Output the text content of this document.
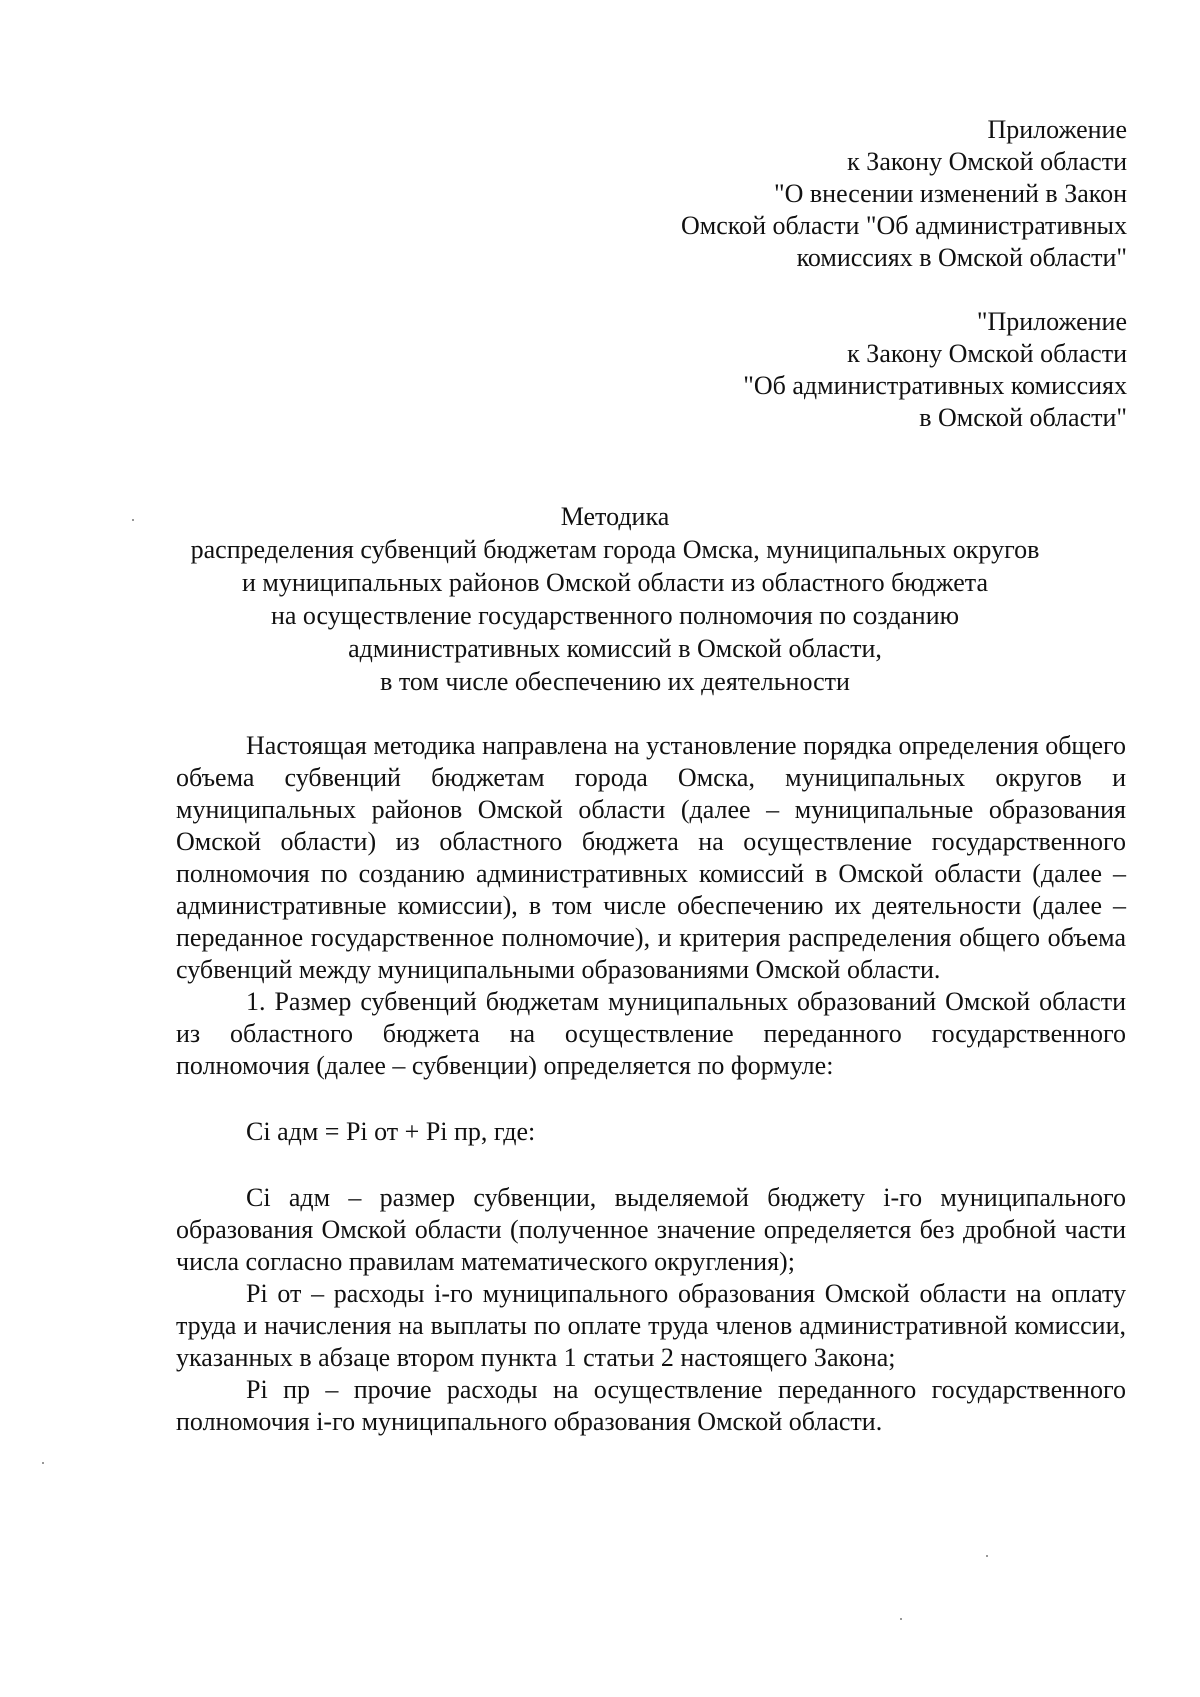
Приложение
к Закону Омской области
"О внесении изменений в Закон
Омской области "Об административных
комиссиях в Омской области"
"Приложение
к Закону Омской области
"Об административных комиссиях
в Омской области"
Методика
распределения субвенций бюджетам города Омска, муниципальных округов
и муниципальных районов Омской области из областного бюджета
на осуществление государственного полномочия по созданию
административных комиссий в Омской области,
в том числе обеспечению их деятельности

Настоящая методика направлена на установление порядка определения общего объема субвенций бюджетам города Омска, муниципальных округов и муниципальных районов Омской области (далее – муниципальные образования Омской области) из областного бюджета на осуществление государственного полномочия по созданию административных комиссий в Омской области (далее – административные комиссии), в том числе обеспечению их деятельности (далее – переданное государственное полномочие), и критерия распределения общего объема субвенций между муниципальными образованиями Омской области.

1. Размер субвенций бюджетам муниципальных образований Омской области из областного бюджета на осуществление переданного государственного полномочия (далее – субвенции) определяется по формуле:

Ci адм = Pi от + Pi пр, где:

Ci адм – размер субвенции, выделяемой бюджету i-го муниципального образования Омской области (полученное значение определяется без дробной части числа согласно правилам математического округления);

Pi от – расходы i-го муниципального образования Омской области на оплату труда и начисления на выплаты по оплате труда членов административной комиссии, указанных в абзаце втором пункта 1 статьи 2 настоящего Закона;

Pi пр – прочие расходы на осуществление переданного государственного полномочия i-го муниципального образования Омской области.
